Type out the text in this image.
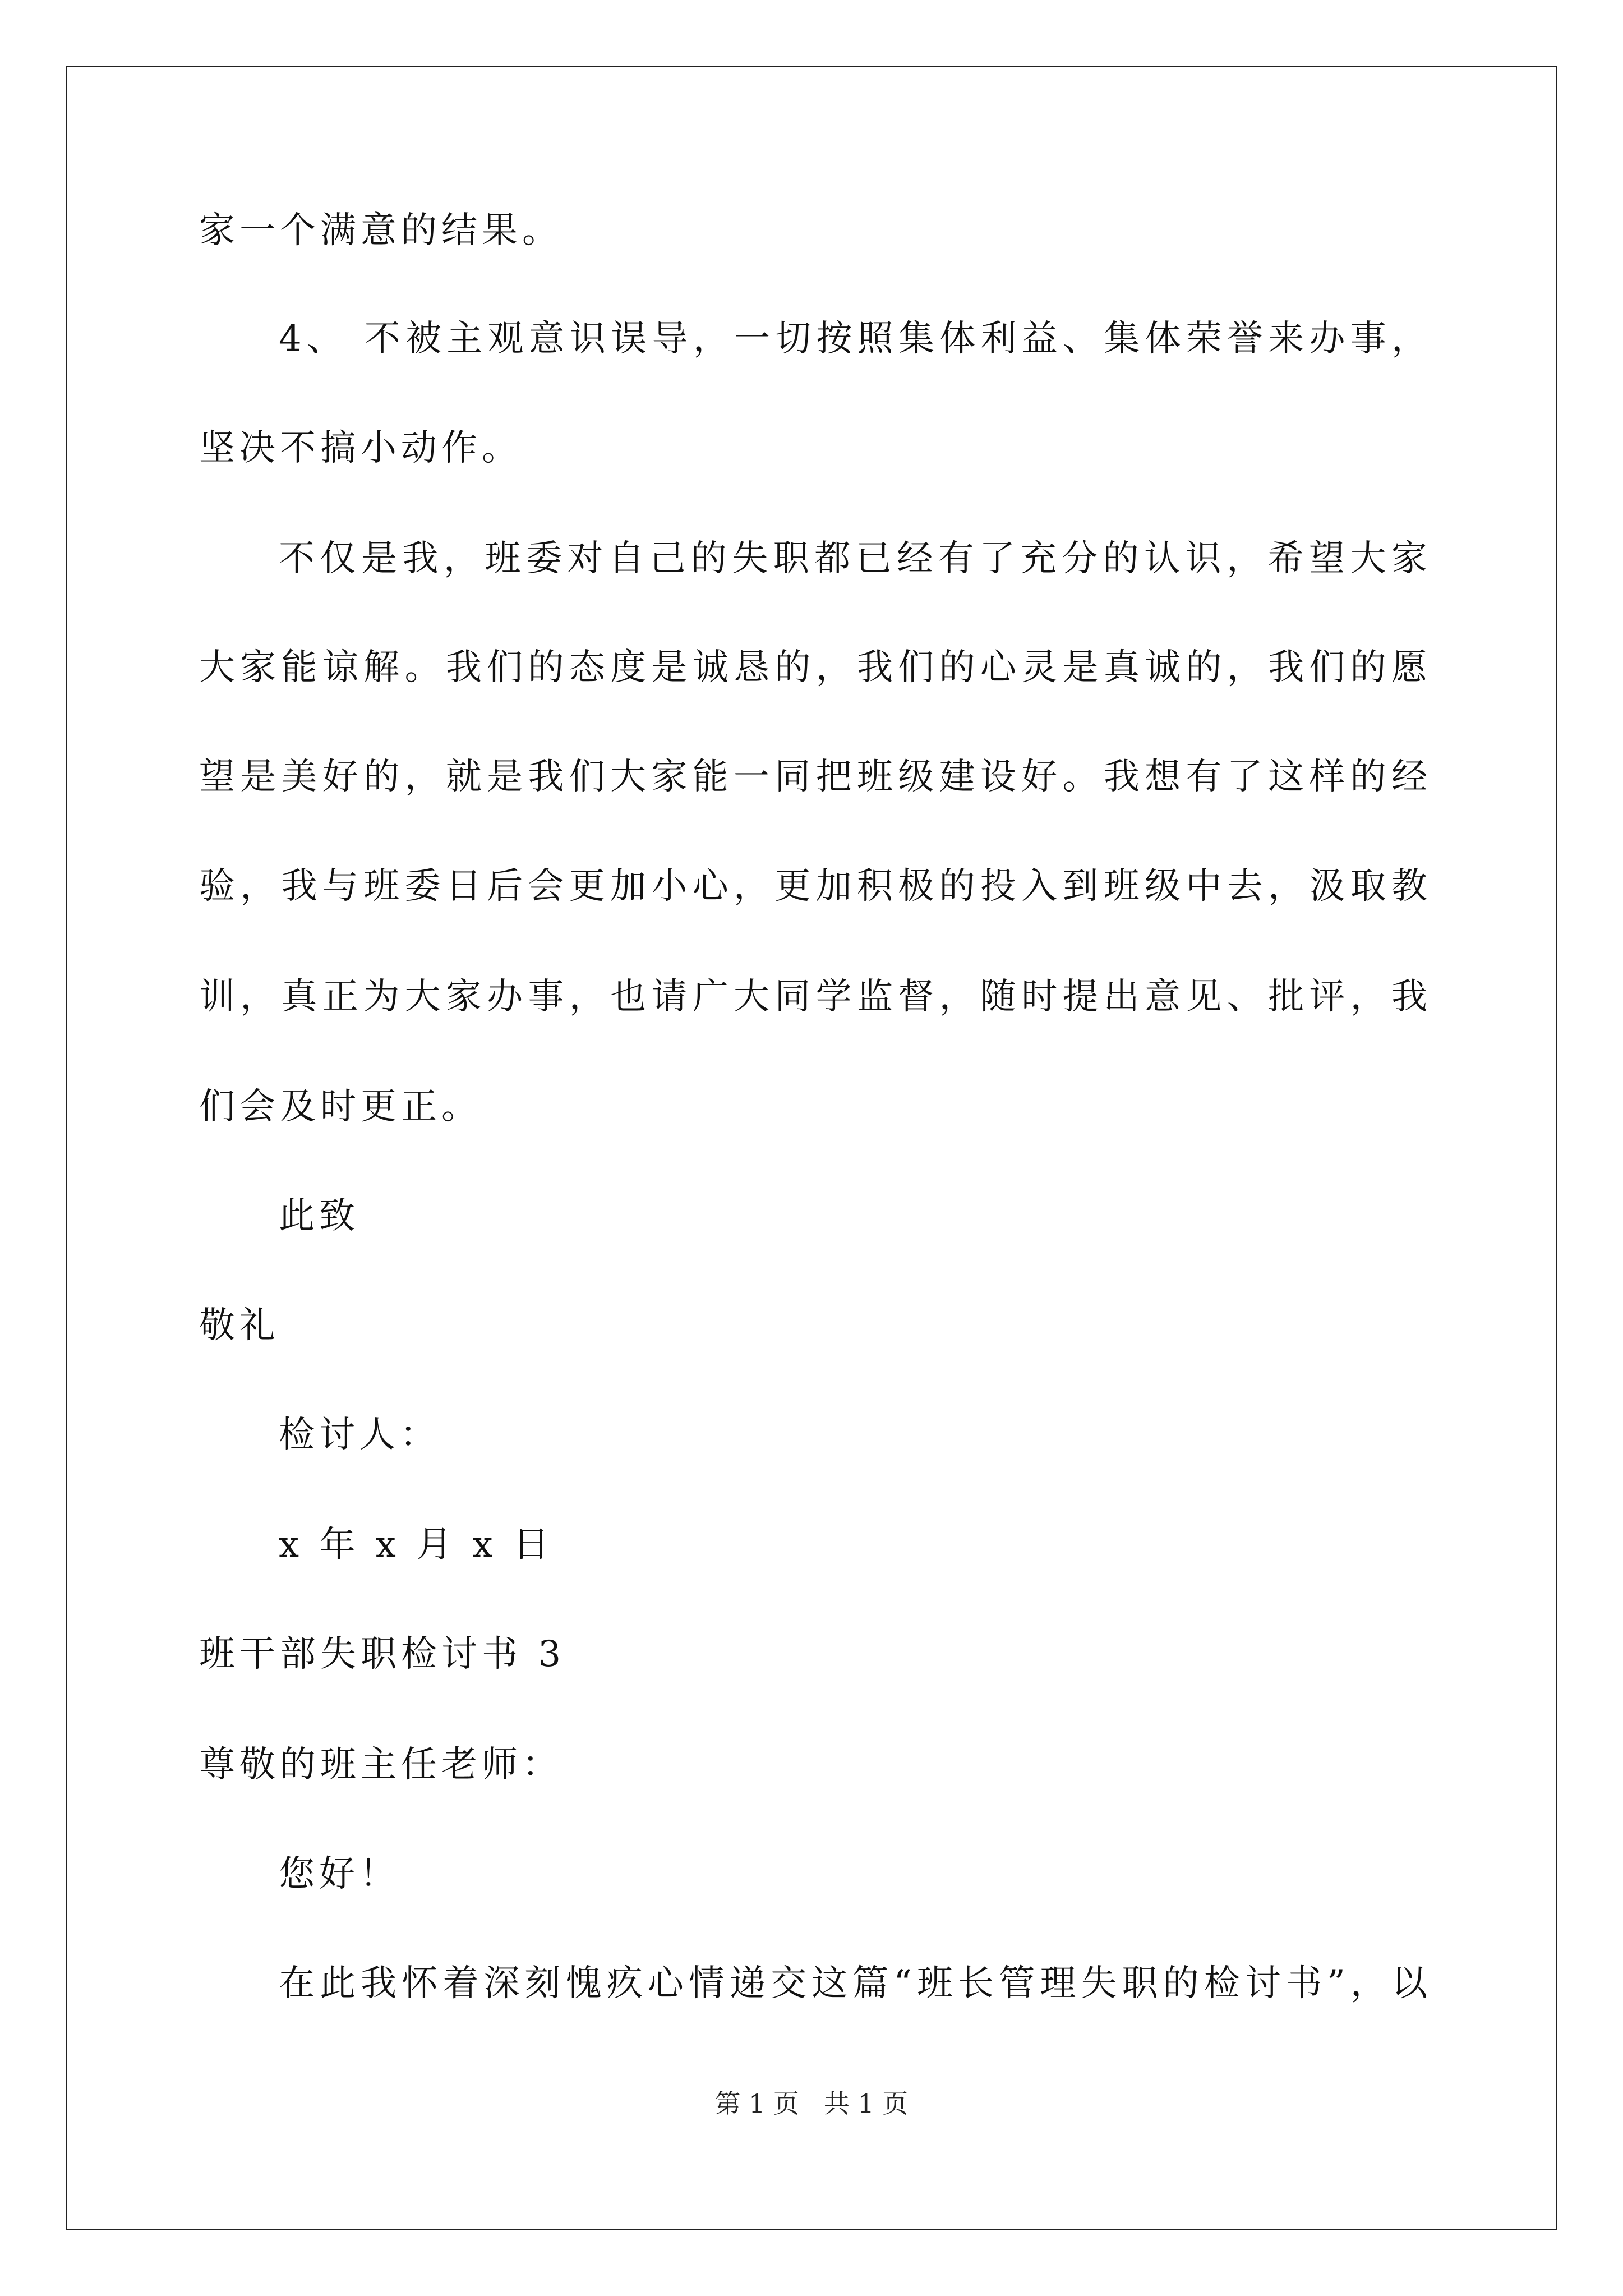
家一个满意的结果。
4、 不被主观意识误导，一切按照集体利益、集体荣誉来办事，
坚决不搞小动作。
不仅是我，班委对自己的失职都已经有了充分的认识，希望大家
大家能谅解。我们的态度是诚恳的，我们的心灵是真诚的，我们的愿
望是美好的，就是我们大家能一同把班级建设好。我想有了这样的经
验，我与班委日后会更加小心，更加积极的投入到班级中去，汲取教
训，真正为大家办事，也请广大同学监督，随时提出意见、批评，我
们会及时更正。
此致
敬礼
检讨人：
x 年 x 月 x 日
班干部失职检讨书 3
尊敬的班主任老师：
您好！
在此我怀着深刻愧疚心情递交这篇“班长管理失职的检讨书”，以
第 1 页   共 1 页
